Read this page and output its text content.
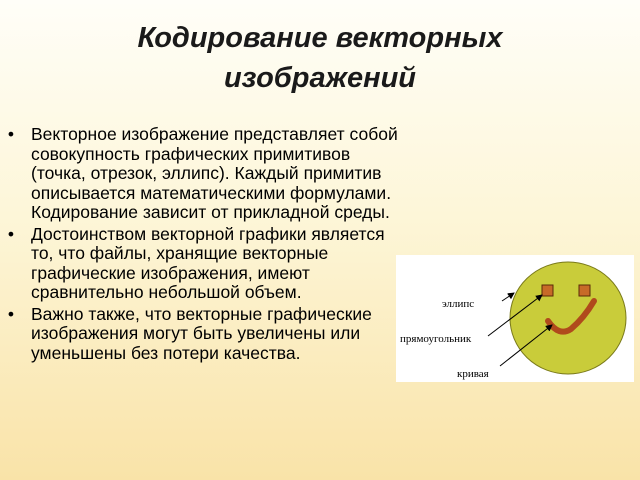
Кодирование векторных
изображений
• Векторное изображение представляет собой совокупность графических примитивов (точка, отрезок, эллипс). Каждый примитив описывается математическими формулами. Кодирование зависит от прикладной среды.
• Достоинством векторной графики является то, что файлы, хранящие векторные графические изображения, имеют сравнительно небольшой объем.
• Важно также, что векторные графические изображения могут быть увеличены или уменьшены без потери качества.
эллипс
прямоугольник
кривая
